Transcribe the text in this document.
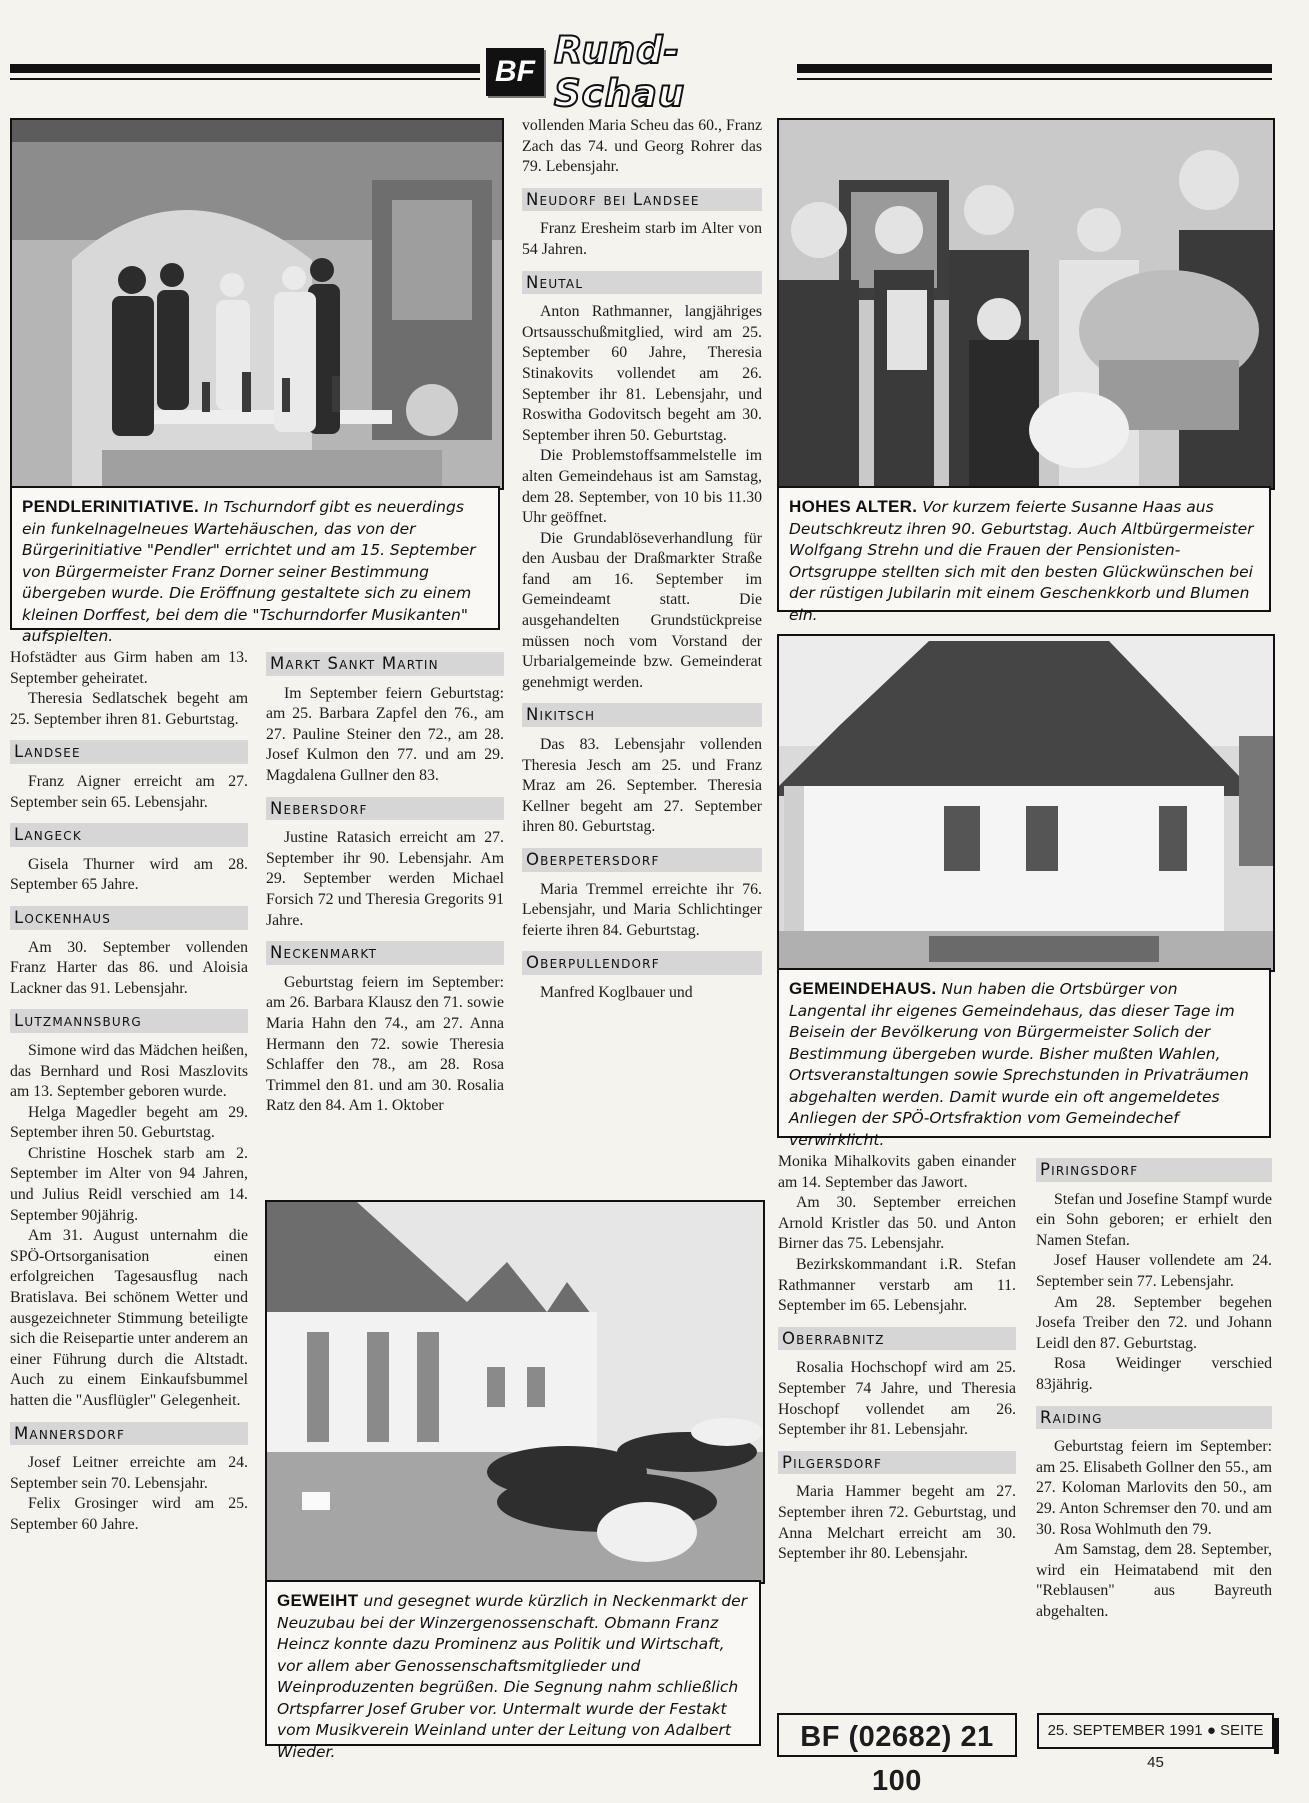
BF Rund-Schau
PENDLERINITIATIVE. In Tschurndorf gibt es neuerdings ein funkelnagelneues Wartehäuschen, das von der Bürgerinitiative "Pendler" errichtet und am 15. September von Bürgermeister Franz Dorner seiner Bestimmung übergeben wurde. Die Eröffnung gestaltete sich zu einem kleinen Dorffest, bei dem die "Tschurndorfer Musikanten" aufspielten.
HOHES ALTER. Vor kurzem feierte Susanne Haas aus Deutschkreutz ihren 90. Geburtstag. Auch Altbürgermeister Wolfgang Strehn und die Frauen der Pensionisten-Ortsgruppe stellten sich mit den besten Glückwünschen bei der rüstigen Jubilarin mit einem Geschenkkorb und Blumen ein.
GEMEINDEHAUS. Nun haben die Ortsbürger von Langental ihr eigenes Gemeindehaus, das dieser Tage im Beisein der Bevölkerung von Bürgermeister Solich der Bestimmung übergeben wurde. Bisher mußten Wahlen, Ortsveranstaltungen sowie Sprechstunden in Privaträumen abgehalten werden. Damit wurde ein oft angemeldetes Anliegen der SPÖ-Ortsfraktion vom Gemeindechef verwirklicht.
GEWEIHT und gesegnet wurde kürzlich in Neckenmarkt der Neuzubau bei der Winzergenossenschaft. Obmann Franz Heincz konnte dazu Prominenz aus Politik und Wirtschaft, vor allem aber Genossenschaftsmitglieder und Weinproduzenten begrüßen. Die Segnung nahm schließlich Ortspfarrer Josef Gruber vor. Untermalt wurde der Festakt vom Musikverein Weinland unter der Leitung von Adalbert Wieder.

Hofstädter aus Girm haben am 13. September geheiratet.

Theresia Sedlatschek begeht am 25. September ihren 81. Geburtstag.

Landsee

Franz Aigner erreicht am 27. September sein 65. Lebensjahr.

Langeck

Gisela Thurner wird am 28. September 65 Jahre.

Lockenhaus

Am 30. September vollenden Franz Harter das 86. und Aloisia Lackner das 91. Lebensjahr.

Lutzmannsburg

Simone wird das Mädchen heißen, das Bernhard und Rosi Maszlovits am 13. September geboren wurde.

Helga Magedler begeht am 29. September ihren 50. Geburtstag.

Christine Hoschek starb am 2. September im Alter von 94 Jahren, und Julius Reidl verschied am 14. September 90jährig.

Am 31. August unternahm die SPÖ-Ortsorganisation einen erfolgreichen Tagesausflug nach Bratislava. Bei schönem Wetter und ausgezeichneter Stimmung beteiligte sich die Reisepartie unter anderem an einer Führung durch die Altstadt. Auch zu einem Einkaufsbummel hatten die "Ausflügler" Gelegenheit.

Mannersdorf

Josef Leitner erreichte am 24. September sein 70. Lebensjahr.

Felix Grosinger wird am 25. September 60 Jahre.

Markt Sankt Martin

Im September feiern Geburtstag: am 25. Barbara Zapfel den 76., am 27. Pauline Steiner den 72., am 28. Josef Kulmon den 77. und am 29. Magdalena Gullner den 83.

Nebersdorf

Justine Ratasich erreicht am 27. September ihr 90. Lebensjahr. Am 29. September werden Michael Forsich 72 und Theresia Gregorits 91 Jahre.

Neckenmarkt

Geburtstag feiern im September: am 26. Barbara Klausz den 71. sowie Maria Hahn den 74., am 27. Anna Hermann den 72. sowie Theresia Schlaffer den 78., am 28. Rosa Trimmel den 81. und am 30. Rosalia Ratz den 84. Am 1. Oktober

vollenden Maria Scheu das 60., Franz Zach das 74. und Georg Rohrer das 79. Lebensjahr.

Neudorf bei Landsee

Franz Eresheim starb im Alter von 54 Jahren.

Neutal

Anton Rathmanner, langjähriges Ortsausschußmitglied, wird am 25. September 60 Jahre, Theresia Stinakovits vollendet am 26. September ihr 81. Lebensjahr, und Roswitha Godovitsch begeht am 30. September ihren 50. Geburtstag.

Die Problemstoffsammelstelle im alten Gemeindehaus ist am Samstag, dem 28. September, von 10 bis 11.30 Uhr geöffnet.

Die Grundablöseverhandlung für den Ausbau der Draßmarkter Straße fand am 16. September im Gemeindeamt statt. Die ausgehandelten Grundstückpreise müssen noch vom Vorstand der Urbarialgemeinde bzw. Gemeinderat genehmigt werden.

Nikitsch

Das 83. Lebensjahr vollenden Theresia Jesch am 25. und Franz Mraz am 26. September. Theresia Kellner begeht am 27. September ihren 80. Geburtstag.

Oberpetersdorf

Maria Tremmel erreichte ihr 76. Lebensjahr, und Maria Schlichtinger feierte ihren 84. Geburtstag.

Oberpullendorf

Manfred Koglbauer und

Monika Mihalkovits gaben einander am 14. September das Jawort.

Am 30. September erreichen Arnold Kristler das 50. und Anton Birner das 75. Lebensjahr.

Bezirkskommandant i.R. Stefan Rathmanner verstarb am 11. September im 65. Lebensjahr.

Oberrabnitz

Rosalia Hochschopf wird am 25. September 74 Jahre, und Theresia Hoschopf vollendet am 26. September ihr 81. Lebensjahr.

Pilgersdorf

Maria Hammer begeht am 27. September ihren 72. Geburtstag, und Anna Melchart erreicht am 30. September ihr 80. Lebensjahr.

Piringsdorf

Stefan und Josefine Stampf wurde ein Sohn geboren; er erhielt den Namen Stefan.

Josef Hauser vollendete am 24. September sein 77. Lebensjahr.

Am 28. September begehen Josefa Treiber den 72. und Johann Leidl den 87. Geburtstag.

Rosa Weidinger verschied 83jährig.

Raiding

Geburtstag feiern im September: am 25. Elisabeth Gollner den 55., am 27. Koloman Marlovits den 50., am 29. Anton Schremser den 70. und am 30. Rosa Wohlmuth den 79.

Am Samstag, dem 28. September, wird ein Heimatabend mit den "Reblausen" aus Bayreuth abgehalten.

BF (02682) 21 100
25. SEPTEMBER 1991 ● SEITE 45
